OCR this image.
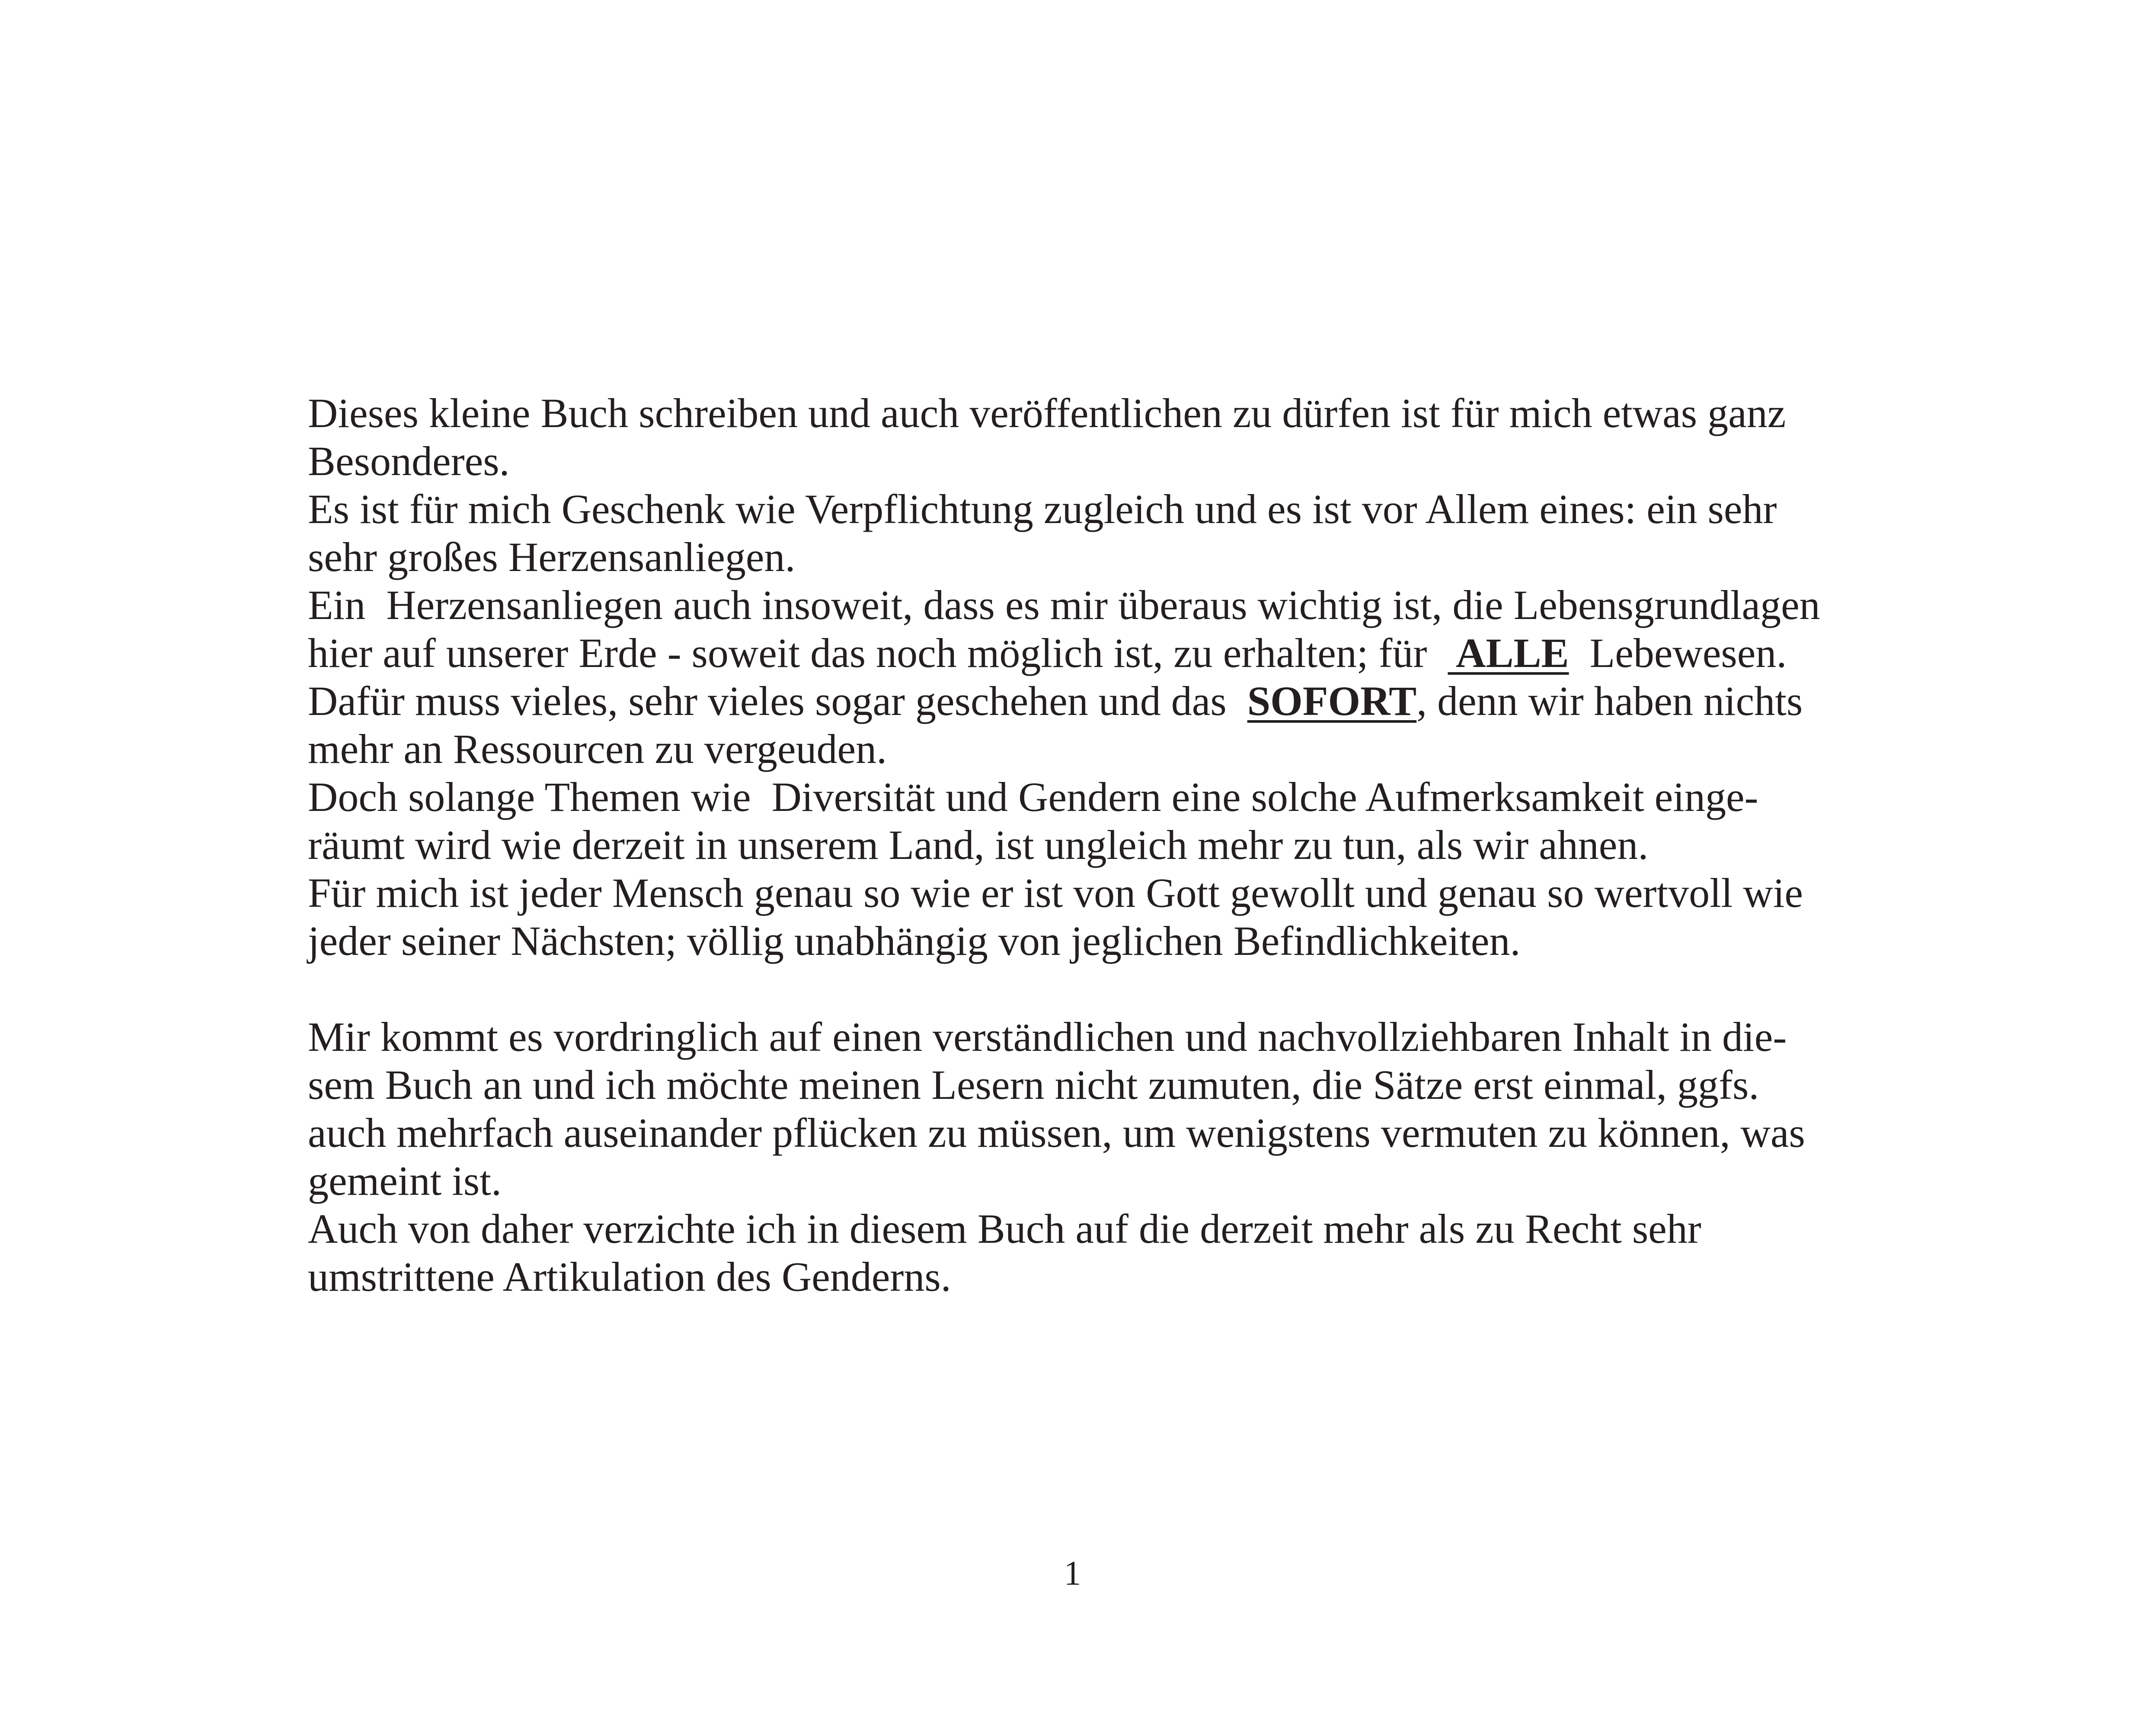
Dieses kleine Buch schreiben und auch veröffentlichen zu dürfen ist für mich etwas ganz
Besonderes.
Es ist für mich Geschenk wie Verpflichtung zugleich und es ist vor Allem eines: ein sehr
sehr großes Herzensanliegen.
Ein  Herzensanliegen auch insoweit, dass es mir überaus wichtig ist, die Lebensgrundlagen
hier auf unserer Erde - soweit das noch möglich ist, zu erhalten; für   ALLE  Lebewesen.
Dafür muss vieles, sehr vieles sogar geschehen und das  SOFORT, denn wir haben nichts
mehr an Ressourcen zu vergeuden.
Doch solange Themen wie  Diversität und Gendern eine solche Aufmerksamkeit einge-
räumt wird wie derzeit in unserem Land, ist ungleich mehr zu tun, als wir ahnen.
Für mich ist jeder Mensch genau so wie er ist von Gott gewollt und genau so wertvoll wie
jeder seiner Nächsten; völlig unabhängig von jeglichen Befindlichkeiten.
Mir kommt es vordringlich auf einen verständlichen und nachvollziehbaren Inhalt in die-
sem Buch an und ich möchte meinen Lesern nicht zumuten, die Sätze erst einmal, ggfs.
auch mehrfach auseinander pflücken zu müssen, um wenigstens vermuten zu können, was
gemeint ist.
Auch von daher verzichte ich in diesem Buch auf die derzeit mehr als zu Recht sehr
umstrittene Artikulation des Genderns.
1
